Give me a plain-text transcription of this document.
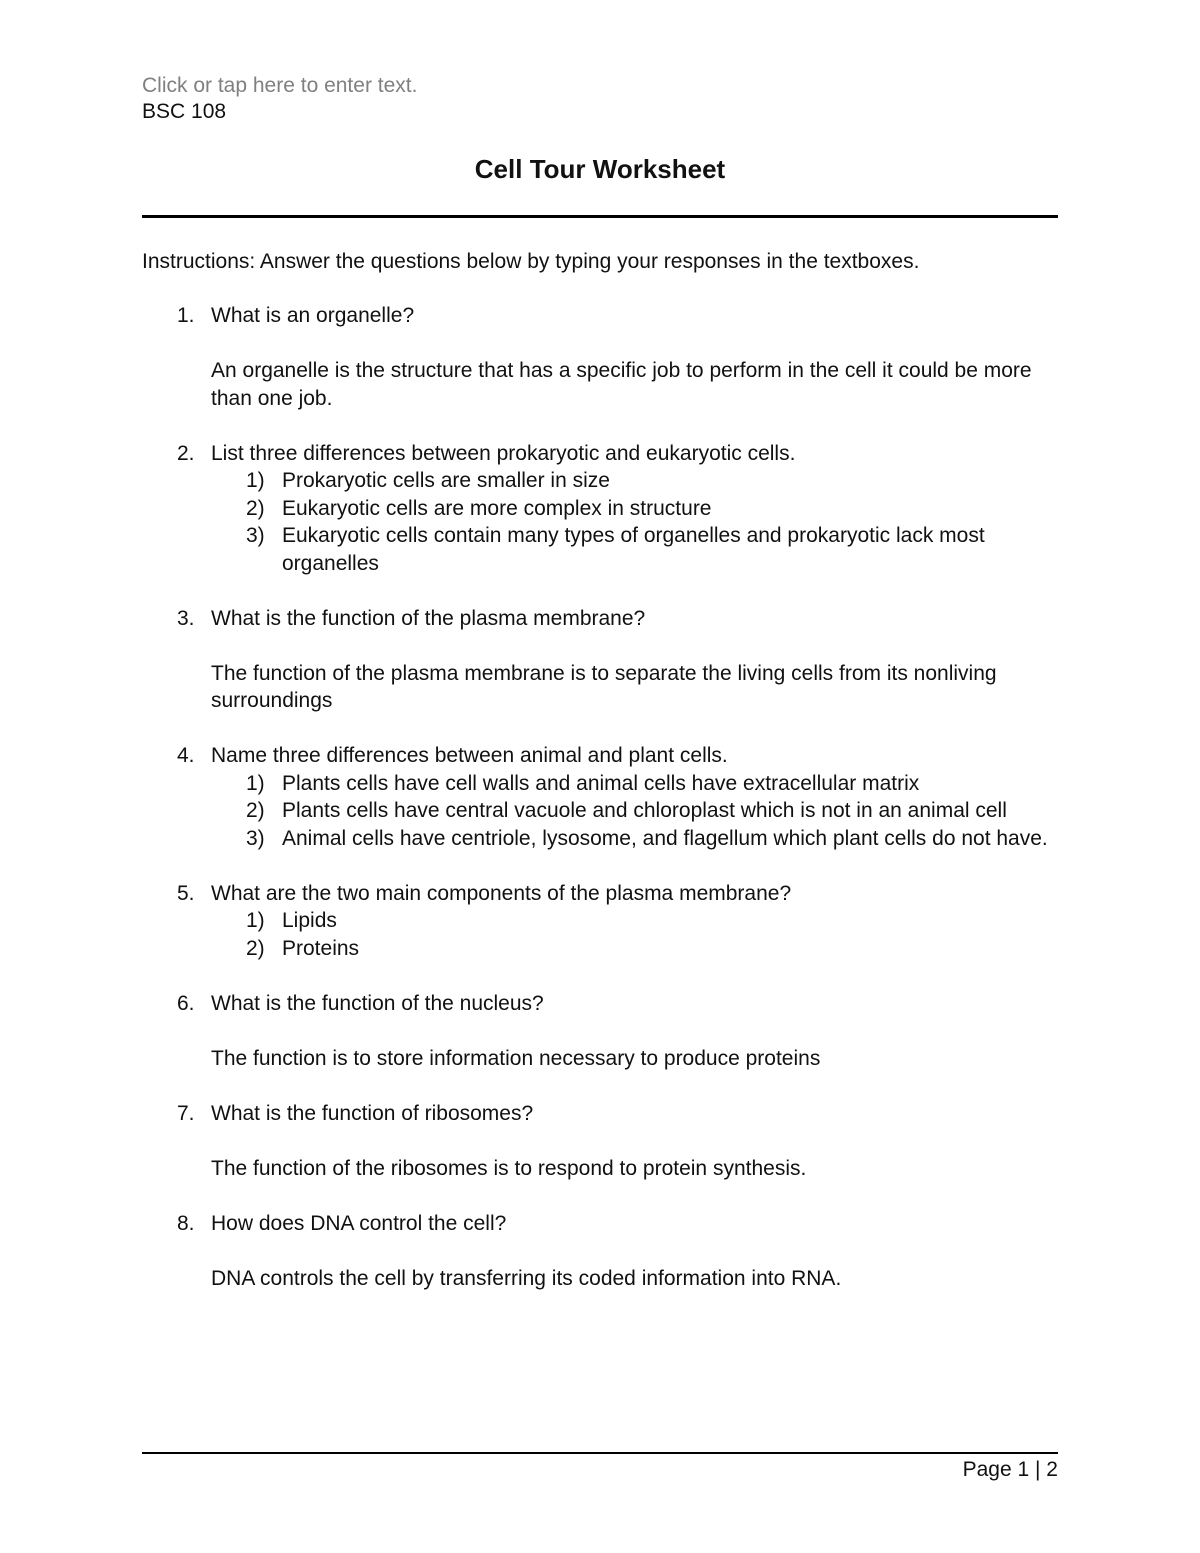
Click or tap here to enter text.
BSC 108
Cell Tour Worksheet
Instructions: Answer the questions below by typing your responses in the textboxes.
1. What is an organelle?
An organelle is the structure that has a specific job to perform in the cell it could be more than one job.
2. List three differences between prokaryotic and eukaryotic cells.
1) Prokaryotic cells are smaller in size
2) Eukaryotic cells are more complex in structure
3) Eukaryotic cells contain many types of organelles and prokaryotic lack most organelles
3. What is the function of the plasma membrane?
The function of the plasma membrane is to separate the living cells from its nonliving surroundings
4. Name three differences between animal and plant cells.
1) Plants cells have cell walls and animal cells have extracellular matrix
2) Plants cells have central vacuole and chloroplast which is not in an animal cell
3) Animal cells have centriole, lysosome, and flagellum which plant cells do not have.
5. What are the two main components of the plasma membrane?
1) Lipids
2) Proteins
6. What is the function of the nucleus?
The function is to store information necessary to produce proteins
7. What is the function of ribosomes?
The function of the ribosomes is to respond to protein synthesis.
8. How does DNA control the cell?
DNA controls the cell by transferring its coded information into RNA.
Page 1 | 2
